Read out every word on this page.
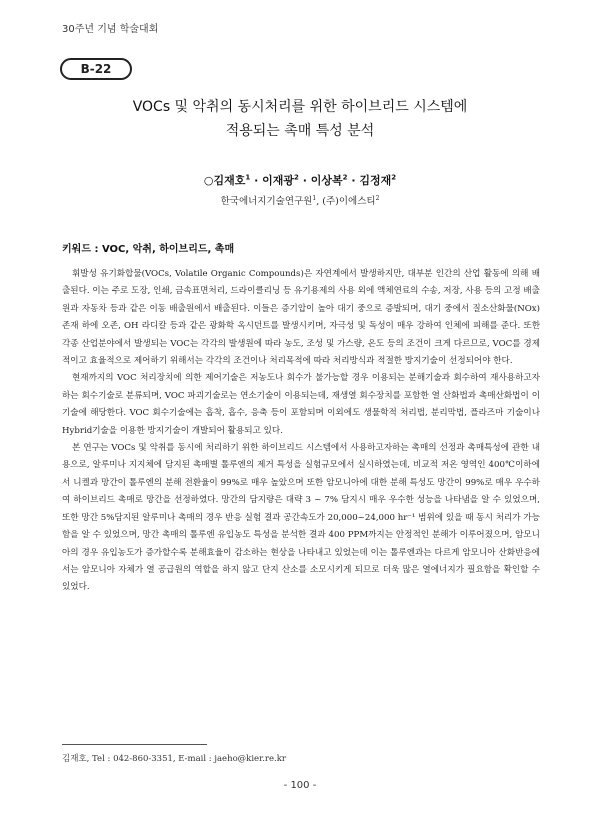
30주년 기념 학술대회
B-22
VOCs 및 악취의 동시처리를 위한 하이브리드 시스템에
적용되는 촉매 특성 분석
○김재호$^1$ · 이재광$^2$ · 이상복$^2$ · 김정재$^2$
한국에너지기술연구원$^1$, (주)이에스티$^2$
키워드 : VOC, 악취, 하이브리드, 촉매

휘발성 유기화합물(VOCs, Volatile Organic Compounds)은 자연계에서 발생하지만, 대부분 인간의 산업 활동에 의해 배출된다. 이는 주로 도장, 인쇄, 금속표면처리, 드라이클리닝 등 유기용제의 사용 외에 액체연료의 수송, 저장, 사용 등의 고정 배출원과 자동차 등과 같은 이동 배출원에서 배출된다. 이들은 증기압이 높아 대기 중으로 증발되며, 대기 중에서 질소산화물(NOx) 존재 하에 오존, OH 라디칼 등과 같은 광화학 옥시던트를 발생시키며, 자극성 및 독성이 매우 강하여 인체에 피해를 준다. 또한 각종 산업분야에서 발생되는 VOC는 각각의 발생원에 따라 농도, 조성 및 가스량, 온도 등의 조건이 크게 다르므로, VOC를 경제적이고 효율적으로 제어하기 위해서는 각각의 조건이나 처리목적에 따라 처리방식과 적절한 방지기술이 선정되어야 한다.

현재까지의 VOC 처리장치에 의한 제어기술은 저농도나 회수가 불가능할 경우 이용되는 분해기술과 회수하여 재사용하고자 하는 회수기술로 분류되며, VOC 파괴기술로는 연소기술이 이용되는데, 재생열 회수장치를 포함한 열 산화법과 촉매산화법이 이 기술에 해당한다. VOC 회수기술에는 흡착, 흡수, 응축 등이 포함되며 이외에도 생물학적 처리법, 분리막법, 플라즈마 기술이나 Hybrid기술을 이용한 방지기술이 개발되어 활용되고 있다.

본 연구는 VOCs 및 악취를 동시에 처리하기 위한 하이브리드 시스템에서 사용하고자하는 촉매의 선정과 촉매특성에 관한 내용으로, 알루미나 지지체에 담지된 촉매별 톨루엔의 제거 특성을 실험규모에서 실시하였는데, 비교적 저온 영역인 400℃이하에서 니켈과 망간이 톨루엔의 분해 전환율이 99%로 매우 높았으며 또한 암모니아에 대한 분해 특성도 망간이 99%로 매우 우수하여 하이브리드 촉매로 망간을 선정하였다. 망간의 담지량은 대략 3 ~ 7% 담지시 매우 우수한 성능을 나타냄을 알 수 있었으며, 또한 망간 5%담지된 알루미나 촉매의 경우 반응 실험 결과 공간속도가 20,000~24,000 hr⁻¹ 범위에 있을 때 동시 처리가 가능함을 알 수 있었으며, 망간 촉매의 톨루엔 유입농도 특성을 분석한 결과 400 PPM까지는 안정적인 분해가 이루어졌으며, 암모니아의 경우 유입농도가 증가할수록 분해효율이 감소하는 현상을 나타내고 있었는데 이는 톨루엔과는 다르게 암모니아 산화반응에서는 암모니아 자체가 열 공급원의 역할을 하지 않고 단지 산소를 소모시키게 되므로 더욱 많은 열에너지가 필요함을 확인할 수 있었다.

김재호, Tel : 042-860-3351, E-mail : jaeho@kier.re.kr
- 100 -
